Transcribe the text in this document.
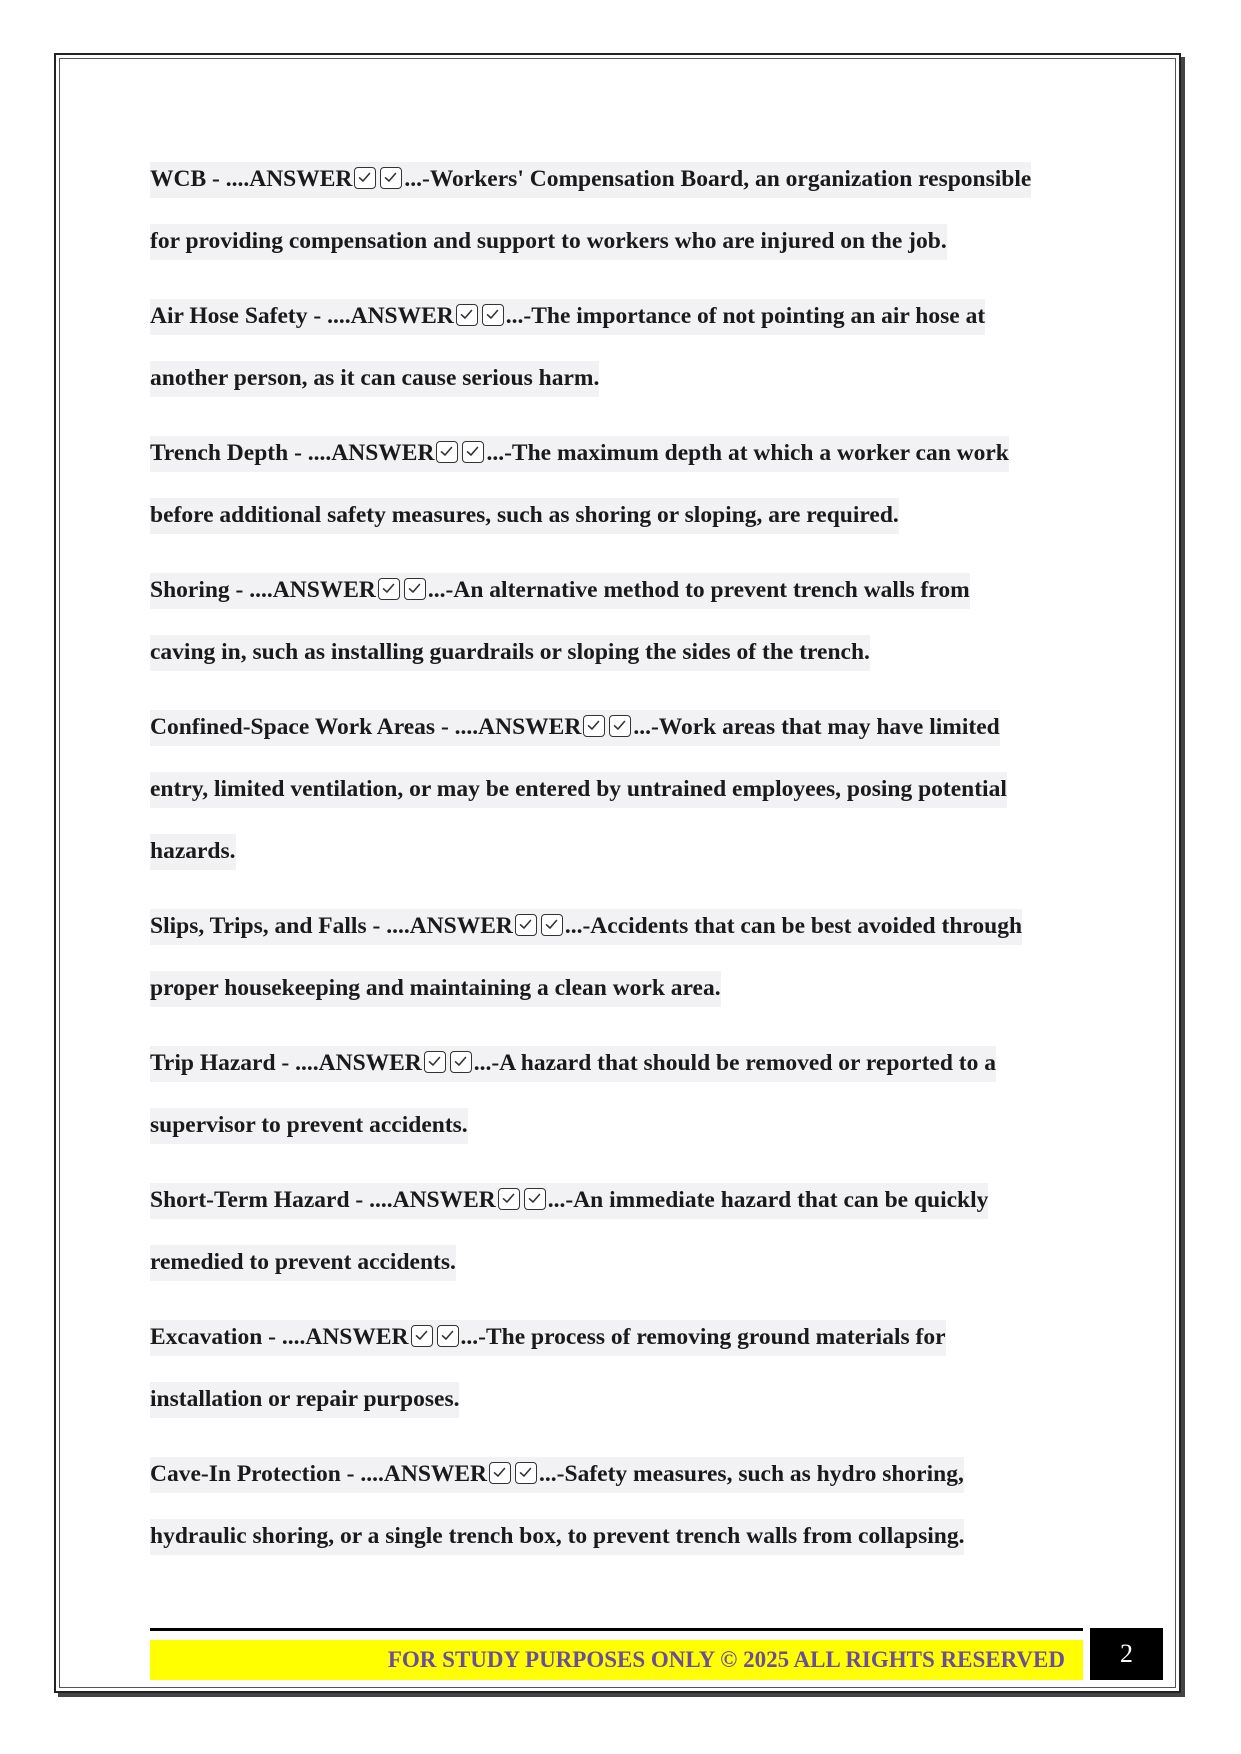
WCB - ....ANSWER ...-Workers' Compensation Board, an organization responsible
for providing compensation and support to workers who are injured on the job.
Air Hose Safety - ....ANSWER ...-The importance of not pointing an air hose at
another person, as it can cause serious harm.
Trench Depth - ....ANSWER ...-The maximum depth at which a worker can work
before additional safety measures, such as shoring or sloping, are required.
Shoring - ....ANSWER ...-An alternative method to prevent trench walls from
caving in, such as installing guardrails or sloping the sides of the trench.
Confined-Space Work Areas - ....ANSWER ...-Work areas that may have limited
entry, limited ventilation, or may be entered by untrained employees, posing potential
hazards.
Slips, Trips, and Falls - ....ANSWER ...-Accidents that can be best avoided through
proper housekeeping and maintaining a clean work area.
Trip Hazard - ....ANSWER ...-A hazard that should be removed or reported to a
supervisor to prevent accidents.
Short-Term Hazard - ....ANSWER ...-An immediate hazard that can be quickly
remedied to prevent accidents.
Excavation - ....ANSWER ...-The process of removing ground materials for
installation or repair purposes.
Cave-In Protection - ....ANSWER ...-Safety measures, such as hydro shoring,
hydraulic shoring, or a single trench box, to prevent trench walls from collapsing.
FOR STUDY PURPOSES ONLY © 2025 ALL RIGHTS RESERVED	2
